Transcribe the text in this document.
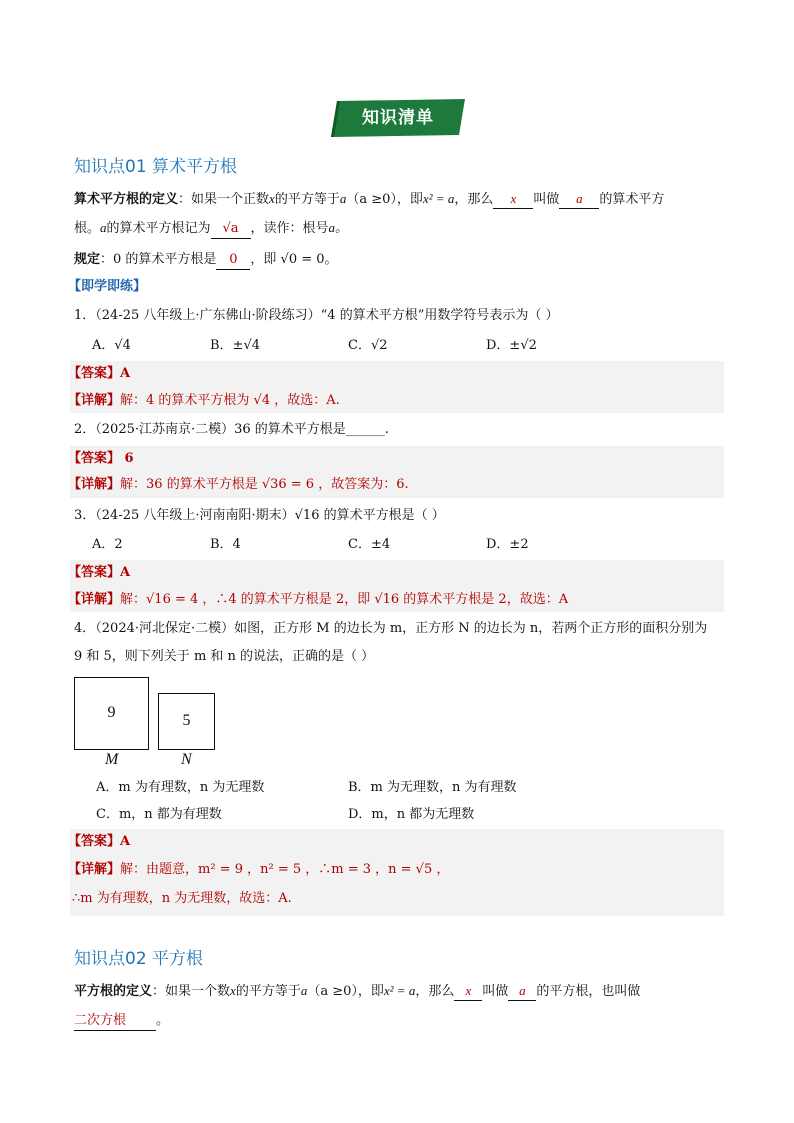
知识清单
知识点01 算术平方根
算术平方根的定义：如果一个正数x的平方等于a（a ≥0），即x² = a，那么 x 叫做 a 的算术平方
根。a的算术平方根记为 √a ，读作：根号a。
规定：0 的算术平方根是 0 ，即 √0 = 0。
【即学即练】
1．（24-25 八年级上·广东佛山·阶段练习）“4 的算术平方根”用数学符号表示为（ ）
A．√4	B．±√4	C．√2	D．±√2
【答案】A
【详解】解：4 的算术平方根为 √4 ，故选：A.
2．（2025·江苏南京·二模）36 的算术平方根是______.
【答案】 6
【详解】解：36 的算术平方根是 √36 = 6 ，故答案为：6.
3．（24-25 八年级上·河南南阳·期末）√16 的算术平方根是（ ）
A．2	B．4	C．±4	D．±2
【答案】A
【详解】解：√16 = 4 ，∴4 的算术平方根是 2，即 √16 的算术平方根是 2，故选：A
4．（2024·河北保定·二模）如图，正方形 M 的边长为 m，正方形 N 的边长为 n，若两个正方形的面积分别为
9 和 5，则下列关于 m 和 n 的说法，正确的是（ ）
9	5
M	N
A．m 为有理数，n 为无理数	B．m 为无理数，n 为有理数
C．m，n 都为有理数	D．m，n 都为无理数
【答案】A
【详解】解：由题意，m² = 9 ，n² = 5 ，∴m = 3 ，n = √5 ，
∴m 为有理数，n 为无理数，故选：A.
知识点02 平方根
平方根的定义：如果一个数x的平方等于a（a ≥0），即x² = a，那么 x 叫做 a 的平方根，也叫做
二次方根 。
